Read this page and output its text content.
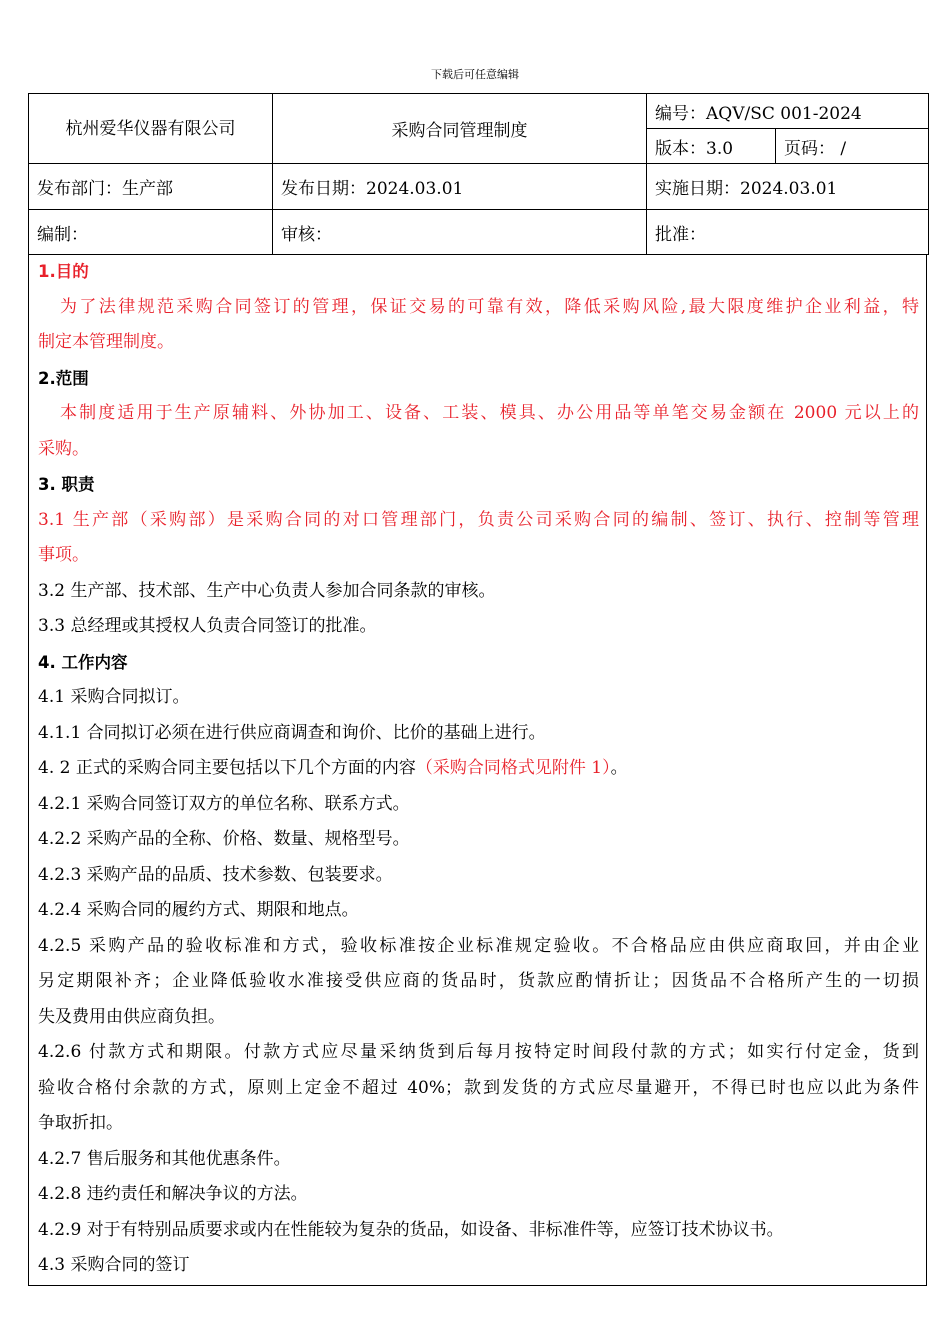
下载后可任意编辑
杭州爱华仪器有限公司	采购合同管理制度	编号：AQV/SC 001-2024	
		版本：3.0	页码： /
发布部门：生产部	发布日期：2024.03.01	实施日期：2024.03.01	
编制：	审核：	批准：	

1.目的

为了法律规范采购合同签订的管理，保证交易的可靠有效，降低采购风险,最大限度维护企业利益，特

制定本管理制度。

2.范围

本制度适用于生产原辅料、外协加工、设备、工装、模具、办公用品等单笔交易金额在 2000 元以上的

采购。

3. 职责

3.1 生产部（采购部）是采购合同的对口管理部门，负责公司采购合同的编制、签订、执行、控制等管理

事项。

3.2 生产部、技术部、生产中心负责人参加合同条款的审核。

3.3 总经理或其授权人负责合同签订的批准。

4. 工作内容

4.1 采购合同拟订。

4.1.1 合同拟订必须在进行供应商调查和询价、比价的基础上进行。

4. 2 正式的采购合同主要包括以下几个方面的内容（采购合同格式见附件 1）。

4.2.1 采购合同签订双方的单位名称、联系方式。

4.2.2 采购产品的全称、价格、数量、规格型号。

4.2.3 采购产品的品质、技术参数、包装要求。

4.2.4 采购合同的履约方式、期限和地点。

4.2.5 采购产品的验收标准和方式，验收标准按企业标准规定验收。不合格品应由供应商取回，并由企业

另定期限补齐；企业降低验收水准接受供应商的货品时，货款应酌情折让；因货品不合格所产生的一切损

失及费用由供应商负担。

4.2.6 付款方式和期限。付款方式应尽量采纳货到后每月按特定时间段付款的方式；如实行付定金，货到

验收合格付余款的方式，原则上定金不超过 40%；款到发货的方式应尽量避开，不得已时也应以此为条件

争取折扣。

4.2.7 售后服务和其他优惠条件。

4.2.8 违约责任和解决争议的方法。

4.2.9 对于有特别品质要求或内在性能较为复杂的货品，如设备、非标准件等，应签订技术协议书。

4.3 采购合同的签订
